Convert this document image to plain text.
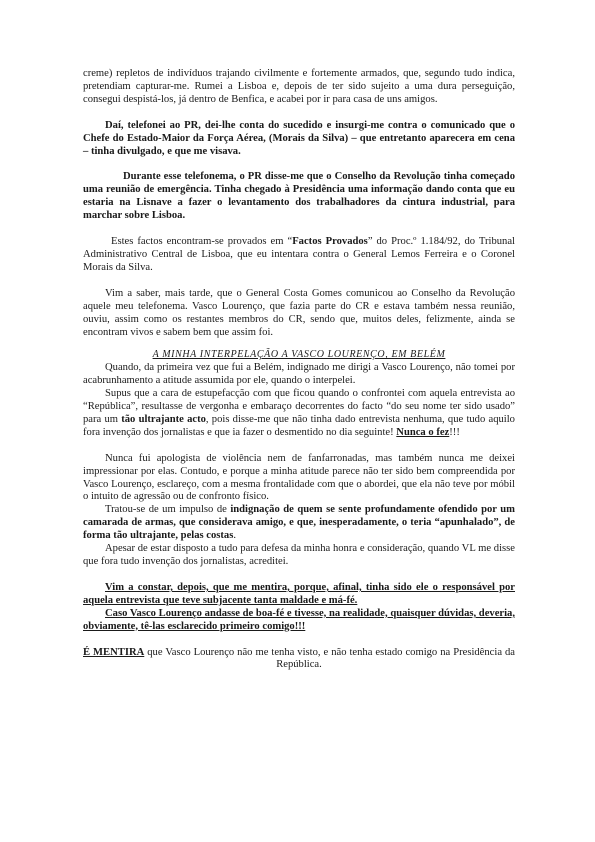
creme) repletos de indivíduos trajando civilmente e fortemente armados, que, segundo tudo indica, pretendiam capturar-me. Rumei a Lisboa e, depois de ter sido sujeito a uma dura perseguição, consegui despistá-los, já dentro de Benfica, e acabei por ir para casa de uns amigos.

Daí, telefonei ao PR, dei-lhe conta do sucedido e insurgi-me contra o comunicado que o Chefe do Estado-Maior da Força Aérea, (Morais da Silva) – que entretanto aparecera em cena – tinha divulgado, e que me visava.

Durante esse telefonema, o PR disse-me que o Conselho da Revolução tinha começado uma reunião de emergência. Tinha chegado à Presidência uma informação dando conta que eu estaria na Lisnave a fazer o levantamento dos trabalhadores da cintura industrial, para marchar sobre Lisboa.

Estes factos encontram-se provados em “Factos Provados” do Proc.º 1.184/92, do Tribunal Administrativo Central de Lisboa, que eu intentara contra o General Lemos Ferreira e o Coronel Morais da Silva.

Vim a saber, mais tarde, que o General Costa Gomes comunicou ao Conselho da Revolução aquele meu telefonema. Vasco Lourenço, que fazia parte do CR e estava também nessa reunião, ouviu, assim como os restantes membros do CR, sendo que, muitos deles, felizmente, ainda se encontram vivos e sabem bem que assim foi.

A MINHA INTERPELAÇÃO A VASCO LOURENÇO, EM BELÉM

Quando, da primeira vez que fui a Belém, indignado me dirigi a Vasco Lourenço, não tomei por acabrunhamento a atitude assumida por ele, quando o interpelei.

Supus que a cara de estupefacção com que ficou quando o confrontei com aquela entrevista ao “República”, resultasse de vergonha e embaraço decorrentes do facto “do seu nome ter sido usado” para um tão ultrajante acto, pois disse-me que não tinha dado entrevista nenhuma, que tudo aquilo fora invenção dos jornalistas e que ia fazer o desmentido no dia seguinte! Nunca o fez!!!

Nunca fui apologista de violência nem de fanfarronadas, mas também nunca me deixei impressionar por elas. Contudo, e porque a minha atitude parece não ter sido bem compreendida por Vasco Lourenço, esclareço, com a mesma frontalidade com que o abordei, que ela não teve por móbil o intuito de agressão ou de confronto físico.

Tratou-se de um impulso de indignação de quem se sente profundamente ofendido por um camarada de armas, que considerava amigo, e que, inesperadamente, o teria “apunhalado”, de forma tão ultrajante, pelas costas.

Apesar de estar disposto a tudo para defesa da minha honra e consideração, quando VL me disse que fora tudo invenção dos jornalistas, acreditei.

Vim a constar, depois, que me mentira, porque, afinal, tinha sido ele o responsável por aquela entrevista que teve subjacente tanta maldade e má-fé.

Caso Vasco Lourenço andasse de boa-fé e tivesse, na realidade, quaisquer dúvidas, deveria, obviamente, tê-las esclarecido primeiro comigo!!!

É MENTIRA que Vasco Lourenço não me tenha visto, e não tenha estado comigo na Presidência da República.
